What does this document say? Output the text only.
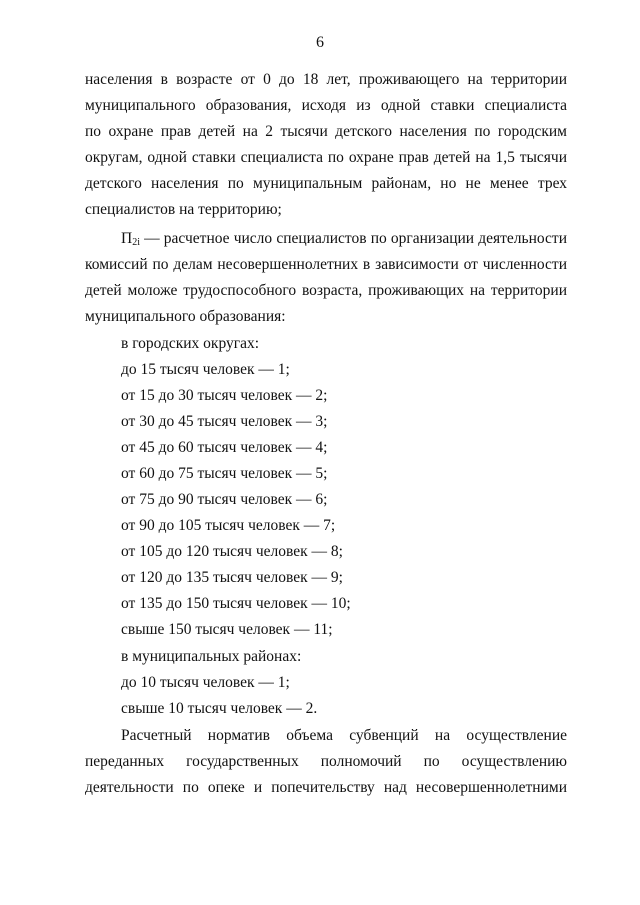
6
населения в возрасте от 0 до 18 лет, проживающего на территории
муниципального образования, исходя из одной ставки специалиста
по охране прав детей на 2 тысячи детского населения по городским
округам, одной ставки специалиста по охране прав детей на 1,5 тысячи
детского населения по муниципальным районам, но не менее трех
специалистов на территорию;
$П_{2i}$ — расчетное число специалистов по организации деятельности
комиссий по делам несовершеннолетних в зависимости от численности
детей моложе трудоспособного возраста, проживающих на территории
муниципального образования:
в городских округах:
до 15 тысяч человек — 1;
от 15 до 30 тысяч человек — 2;
от 30 до 45 тысяч человек — 3;
от 45 до 60 тысяч человек — 4;
от 60 до 75 тысяч человек — 5;
от 75 до 90 тысяч человек — 6;
от 90 до 105 тысяч человек — 7;
от 105 до 120 тысяч человек — 8;
от 120 до 135 тысяч человек — 9;
от 135 до 150 тысяч человек — 10;
свыше 150 тысяч человек — 11;
в муниципальных районах:
до 10 тысяч человек — 1;
свыше 10 тысяч человек — 2.
Расчетный норматив объема субвенций на осуществление
переданных государственных полномочий по осуществлению
деятельности по опеке и попечительству над несовершеннолетними
